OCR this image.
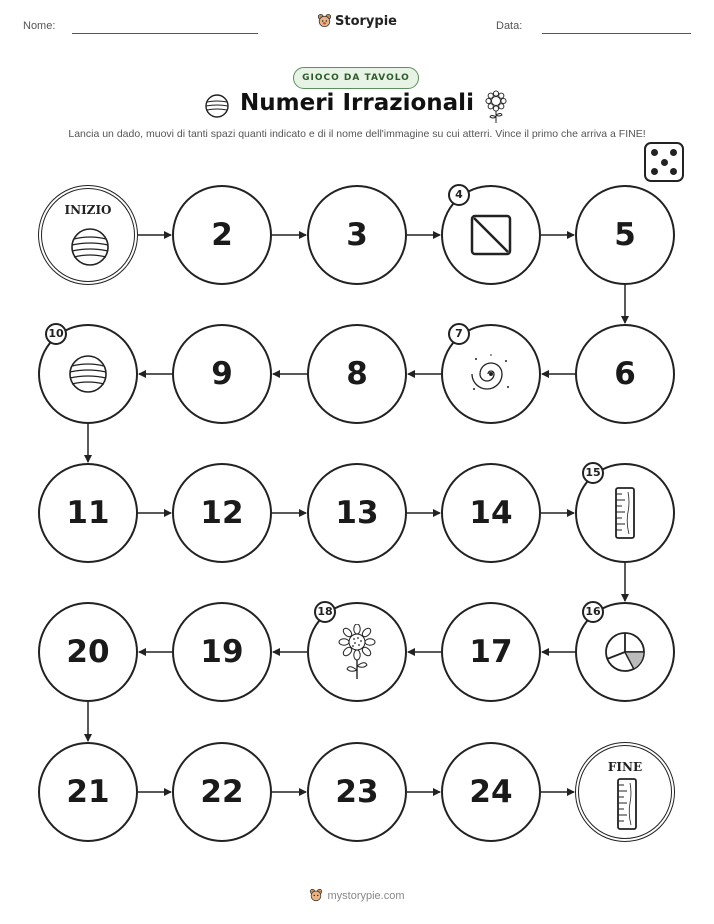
Nome:	Storypie	Data:
GIOCO DA TAVOLO
Numeri Irrazionali
Lancia un dado, muovi di tanti spazi quanti indicato e di il nome dell'immagine su cui atterri. Vince il primo che arriva a FINE!
INIZIO
2	3
4
5
6
7
8
9
10
11	12	13	14
15
16
17
18
19
20
21	22	23	24
FINE
mystorypie.com
